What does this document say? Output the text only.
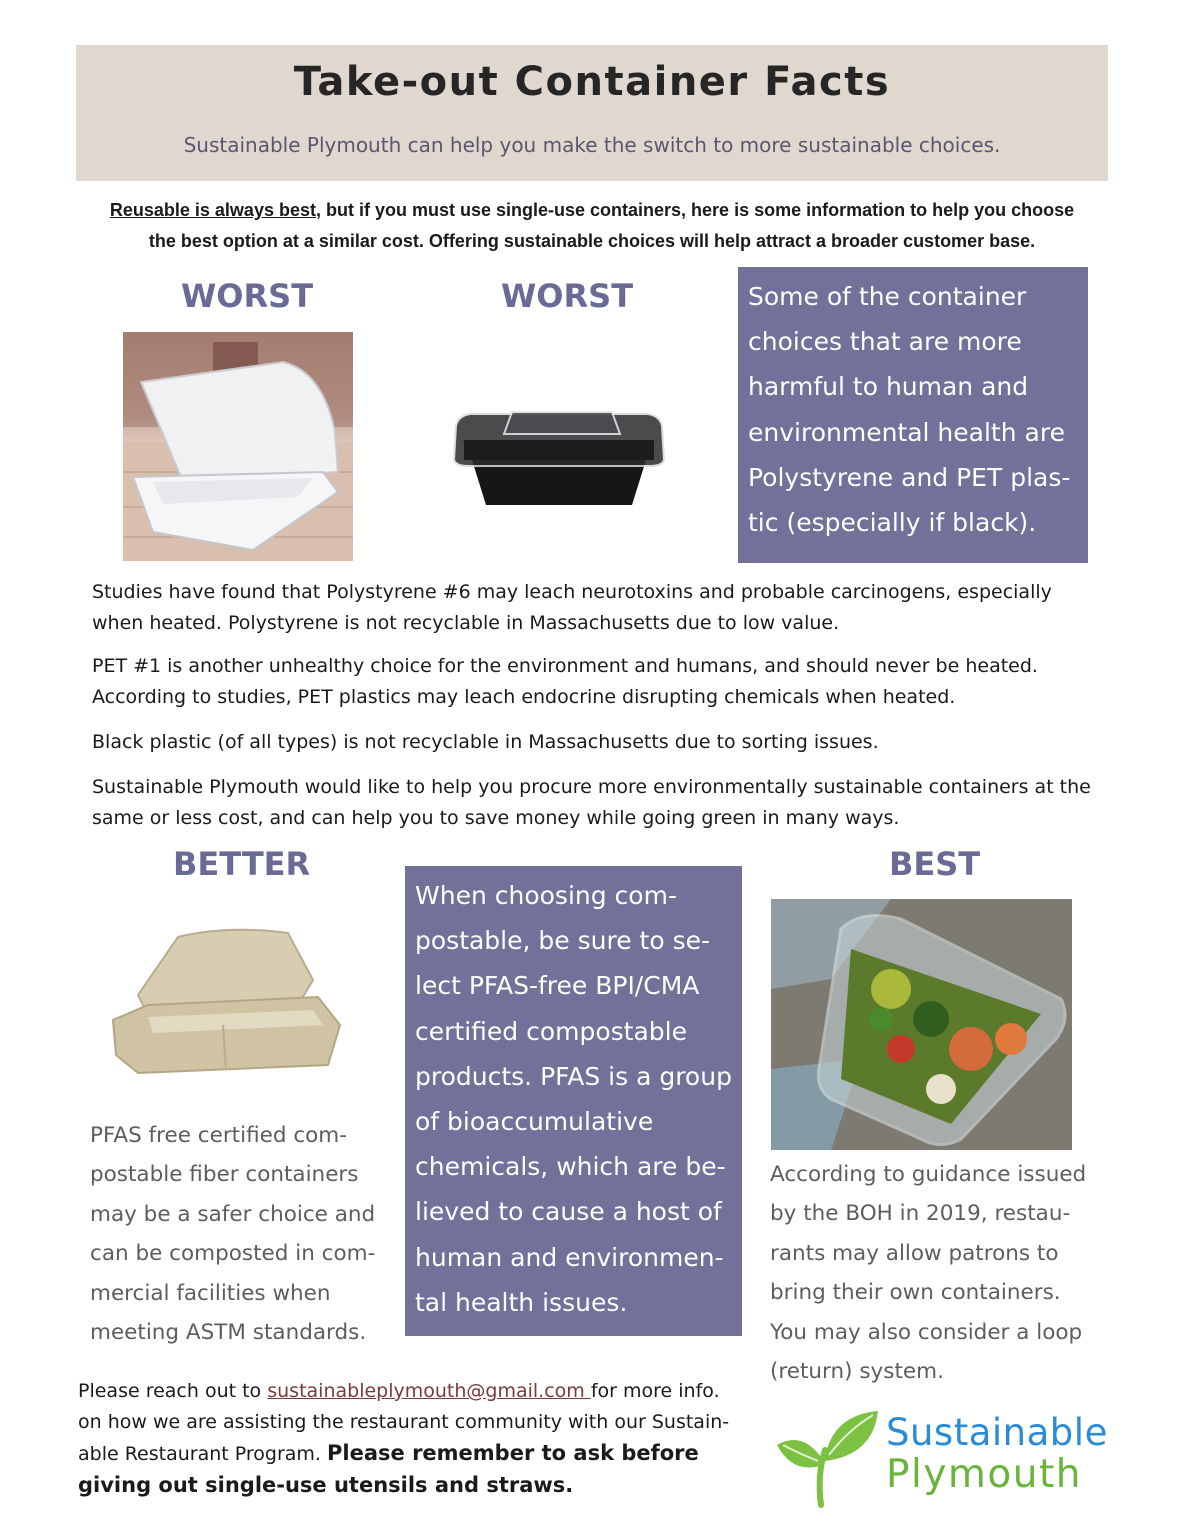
Take-out Container Facts
Sustainable Plymouth can help you make the switch to more sustainable choices.
Reusable is always best, but if you must use single-use containers, here is some information to help you choose
the best option at a similar cost. Offering sustainable choices will help attract a broader customer base.
WORST	WORST	Some of the container
choices that are more
harmful to human and
environmental health are
Polystyrene and PET plas-
tic (especially if black).
Studies have found that Polystyrene #6 may leach neurotoxins and probable carcinogens, especially when heated. Polystyrene is not recyclable in Massachusetts due to low value.
PET #1 is another unhealthy choice for the environment and humans, and should never be heated. According to studies, PET plastics may leach endocrine disrupting chemicals when heated.
Black plastic (of all types) is not recyclable in Massachusetts due to sorting issues.
Sustainable Plymouth would like to help you procure more environmentally sustainable containers at the same or less cost, and can help you to save money while going green in many ways.
BETTER
PFAS free certified com-
postable fiber containers
may be a safer choice and
can be composted in com-
mercial facilities when
meeting ASTM standards.
When choosing com-
postable, be sure to se-
lect PFAS-free BPI/CMA
certified compostable
products. PFAS is a group
of bioaccumulative
chemicals, which are be-
lieved to cause a host of
human and environmen-
tal health issues.
BEST
According to guidance issued
by the BOH in 2019, restau-
rants may allow patrons to
bring their own containers.
You may also consider a loop
(return) system.
Please reach out to sustainableplymouth@gmail.com for more info.
on how we are assisting the restaurant community with our Sustain-
able Restaurant Program. Please remember to ask before
giving out single-use utensils and straws.
Sustainable
Plymouth
